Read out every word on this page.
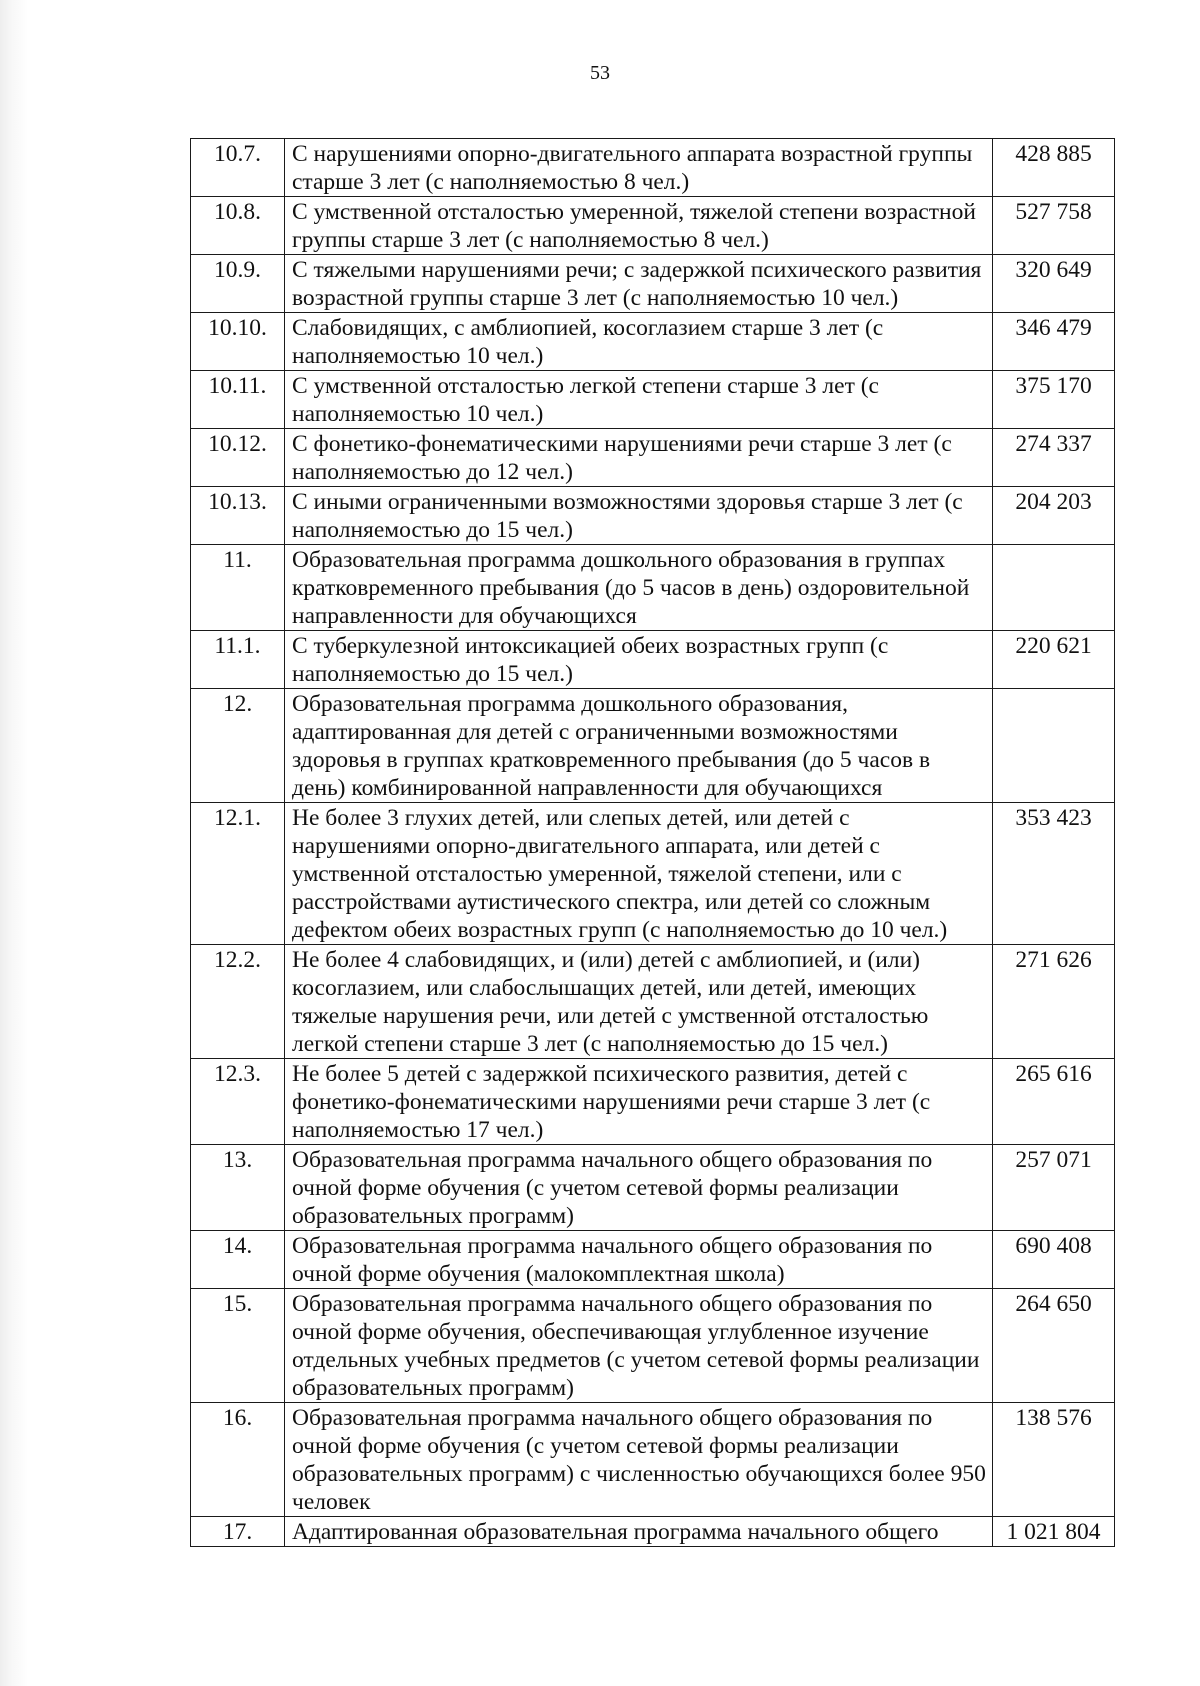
53
10.7.	С нарушениями опорно-двигательного аппарата возрастной группы старше 3 лет (с наполняемостью 8 чел.)	428 885
10.8.	С умственной отсталостью умеренной, тяжелой степени возрастной группы старше 3 лет (с наполняемостью 8 чел.)	527 758
10.9.	С тяжелыми нарушениями речи; с задержкой психического развития возрастной группы старше 3 лет (с наполняемостью 10 чел.)	320 649
10.10.	Слабовидящих, с амблиопией, косоглазием старше 3 лет (с наполняемостью 10 чел.)	346 479
10.11.	С умственной отсталостью легкой степени старше 3 лет (с наполняемостью 10 чел.)	375 170
10.12.	С фонетико-фонематическими нарушениями речи старше 3 лет (с наполняемостью до 12 чел.)	274 337
10.13.	С иными ограниченными возможностями здоровья старше 3 лет (с наполняемостью до 15 чел.)	204 203
11.	Образовательная программа дошкольного образования в группах кратковременного пребывания (до 5 часов в день) оздоровительной направленности для обучающихся	
11.1.	С туберкулезной интоксикацией обеих возрастных групп (с наполняемостью до 15 чел.)	220 621
12.	Образовательная программа дошкольного образования, адаптированная для детей с ограниченными возможностями здоровья в группах кратковременного пребывания (до 5 часов в день) комбинированной направленности для обучающихся	
12.1.	Не более 3 глухих детей, или слепых детей, или детей с нарушениями опорно-двигательного аппарата, или детей с умственной отсталостью умеренной, тяжелой степени, или с расстройствами аутистического спектра, или детей со сложным дефектом обеих возрастных групп (с наполняемостью до 10 чел.)	353 423
12.2.	Не более 4 слабовидящих, и (или) детей с амблиопией, и (или) косоглазием, или слабослышащих детей, или детей, имеющих тяжелые нарушения речи, или детей с умственной отсталостью легкой степени старше 3 лет (с наполняемостью до 15 чел.)	271 626
12.3.	Не более 5 детей с задержкой психического развития, детей с фонетико-фонематическими нарушениями речи старше 3 лет (с наполняемостью 17 чел.)	265 616
13.	Образовательная программа начального общего образования по очной форме обучения (с учетом сетевой формы реализации образовательных программ)	257 071
14.	Образовательная программа начального общего образования по очной форме обучения (малокомплектная школа)	690 408
15.	Образовательная программа начального общего образования по очной форме обучения, обеспечивающая углубленное изучение отдельных учебных предметов (с учетом сетевой формы реализации образовательных программ)	264 650
16.	Образовательная программа начального общего образования по очной форме обучения (с учетом сетевой формы реализации образовательных программ) с численностью обучающихся более 950 человек	138 576
17.	Адаптированная образовательная программа начального общего	1 021 804
